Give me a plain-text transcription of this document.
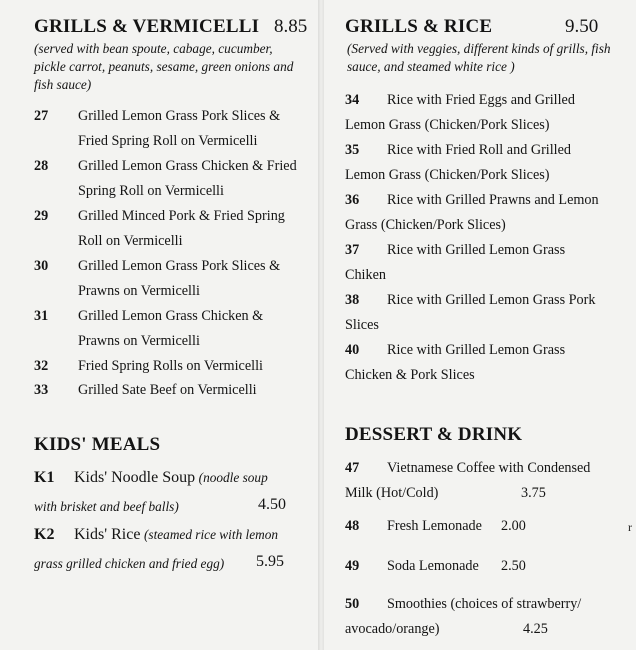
GRILLS & VERMICELLI 8.85
(served with bean spoute, cabage, cucumber, pickle carrot, peanuts, sesame, green onions and fish sauce)
27 Grilled Lemon Grass Pork Slices &
Fried Spring Roll on Vermicelli
28 Grilled Lemon Grass Chicken & Fried
Spring Roll on Vermicelli
29 Grilled Minced Pork & Fried Spring
Roll on Vermicelli
30 Grilled Lemon Grass Pork Slices &
Prawns on Vermicelli
31 Grilled Lemon Grass Chicken &
Prawns on Vermicelli
32 Fried Spring Rolls on Vermicelli
33 Grilled Sate Beef on Vermicelli
KIDS' MEALS
K1 Kids' Noodle Soup (noodle soup
with brisket and beef balls)	4.50
K2 Kids' Rice (steamed rice with lemon
grass grilled chicken and fried egg) 5.95
GRILLS & RICE	9.50
(Served with veggies, different kinds of grills, fish sauce, and steamed white rice )
34 Rice with Fried Eggs and Grilled
Lemon Grass (Chicken/Pork Slices)
35 Rice with Fried Roll and Grilled
Lemon Grass (Chicken/Pork Slices)
36 Rice with Grilled Prawns and Lemon
Grass (Chicken/Pork Slices)
37 Rice with Grilled Lemon Grass
Chiken
38 Rice with Grilled Lemon Grass Pork
Slices
40 Rice with Grilled Lemon Grass
Chicken & Pork Slices
DESSERT & DRINK
47 Vietnamese Coffee with Condensed
Milk (Hot/Cold)	3.75
48 Fresh Lemonade 2.00
49 Soda Lemonade 2.50
50 Smoothies (choices of strawberry/
avocado/orange)	4.25
r
